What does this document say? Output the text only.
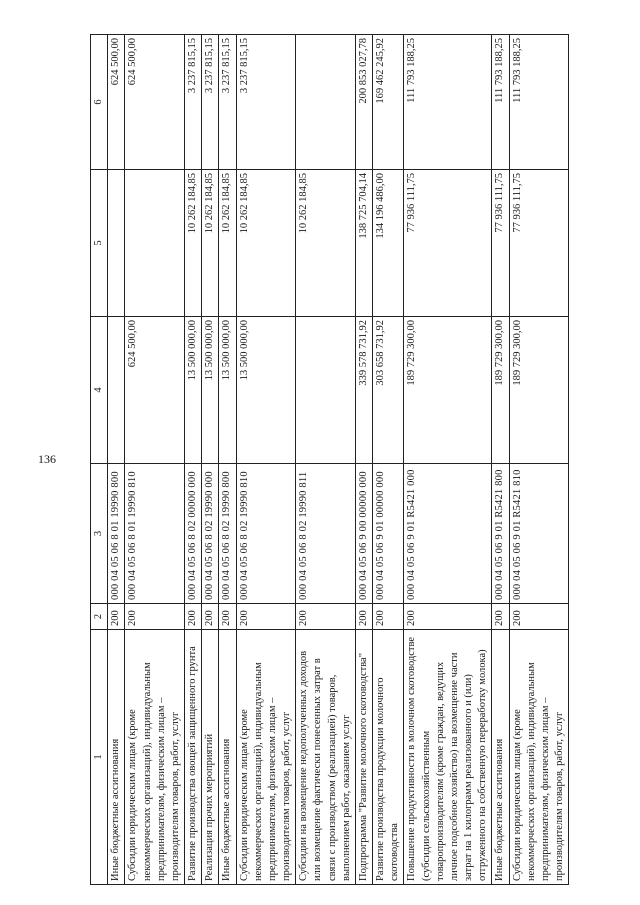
136
1	2	3	4	5	6
Иные бюджетные ассигнования	200	000 04 05 06 8 01 19990 800			624 500,00
Субсидии юридическим лицам (кроме некоммерческих организаций), индивидуальным предпринимателям, физическим лицам – производителям товаров, работ, услуг	200	000 04 05 06 8 01 19990 810	624 500,00		624 500,00
Развитие производства овощей защищенного грунта	200	000 04 05 06 8 02 00000 000	13 500 000,00	10 262 184,85	3 237 815,15
Реализация прочих мероприятий	200	000 04 05 06 8 02 19990 000	13 500 000,00	10 262 184,85	3 237 815,15
Иные бюджетные ассигнования	200	000 04 05 06 8 02 19990 800	13 500 000,00	10 262 184,85	3 237 815,15
Субсидии юридическим лицам (кроме некоммерческих организаций), индивидуальным предпринимателям, физическим лицам – производителям товаров, работ, услуг	200	000 04 05 06 8 02 19990 810	13 500 000,00	10 262 184,85	3 237 815,15
Субсидии на возмещение недополученных доходов или возмещение фактически понесенных затрат в связи с производством (реализацией) товаров, выполнением работ, оказанием услуг	200	000 04 05 06 8 02 19990 811		10 262 184,85	
Подпрограмма "Развитие молочного скотоводства"	200	000 04 05 06 9 00 00000 000	339 578 731,92	138 725 704,14	200 853 027,78
Развитие производства продукции молочного скотоводства	200	000 04 05 06 9 01 00000 000	303 658 731,92	134 196 486,00	169 462 245,92
Повышение продуктивности в молочном скотоводстве (субсидии сельскохозяйственным товаропроизводителям (кроме граждан, ведущих личное подсобное хозяйство) на возмещение части затрат на 1 килограмм реализованного и (или) отгруженного на собственную переработку молока)	200	000 04 05 06 9 01 R5421 000	189 729 300,00	77 936 111,75	111 793 188,25
Иные бюджетные ассигнования	200	000 04 05 06 9 01 R5421 800	189 729 300,00	77 936 111,75	111 793 188,25
Субсидии юридическим лицам (кроме некоммерческих организаций), индивидуальным предпринимателям, физическим лицам – производителям товаров, работ, услуг	200	000 04 05 06 9 01 R5421 810	189 729 300,00	77 936 111,75	111 793 188,25
